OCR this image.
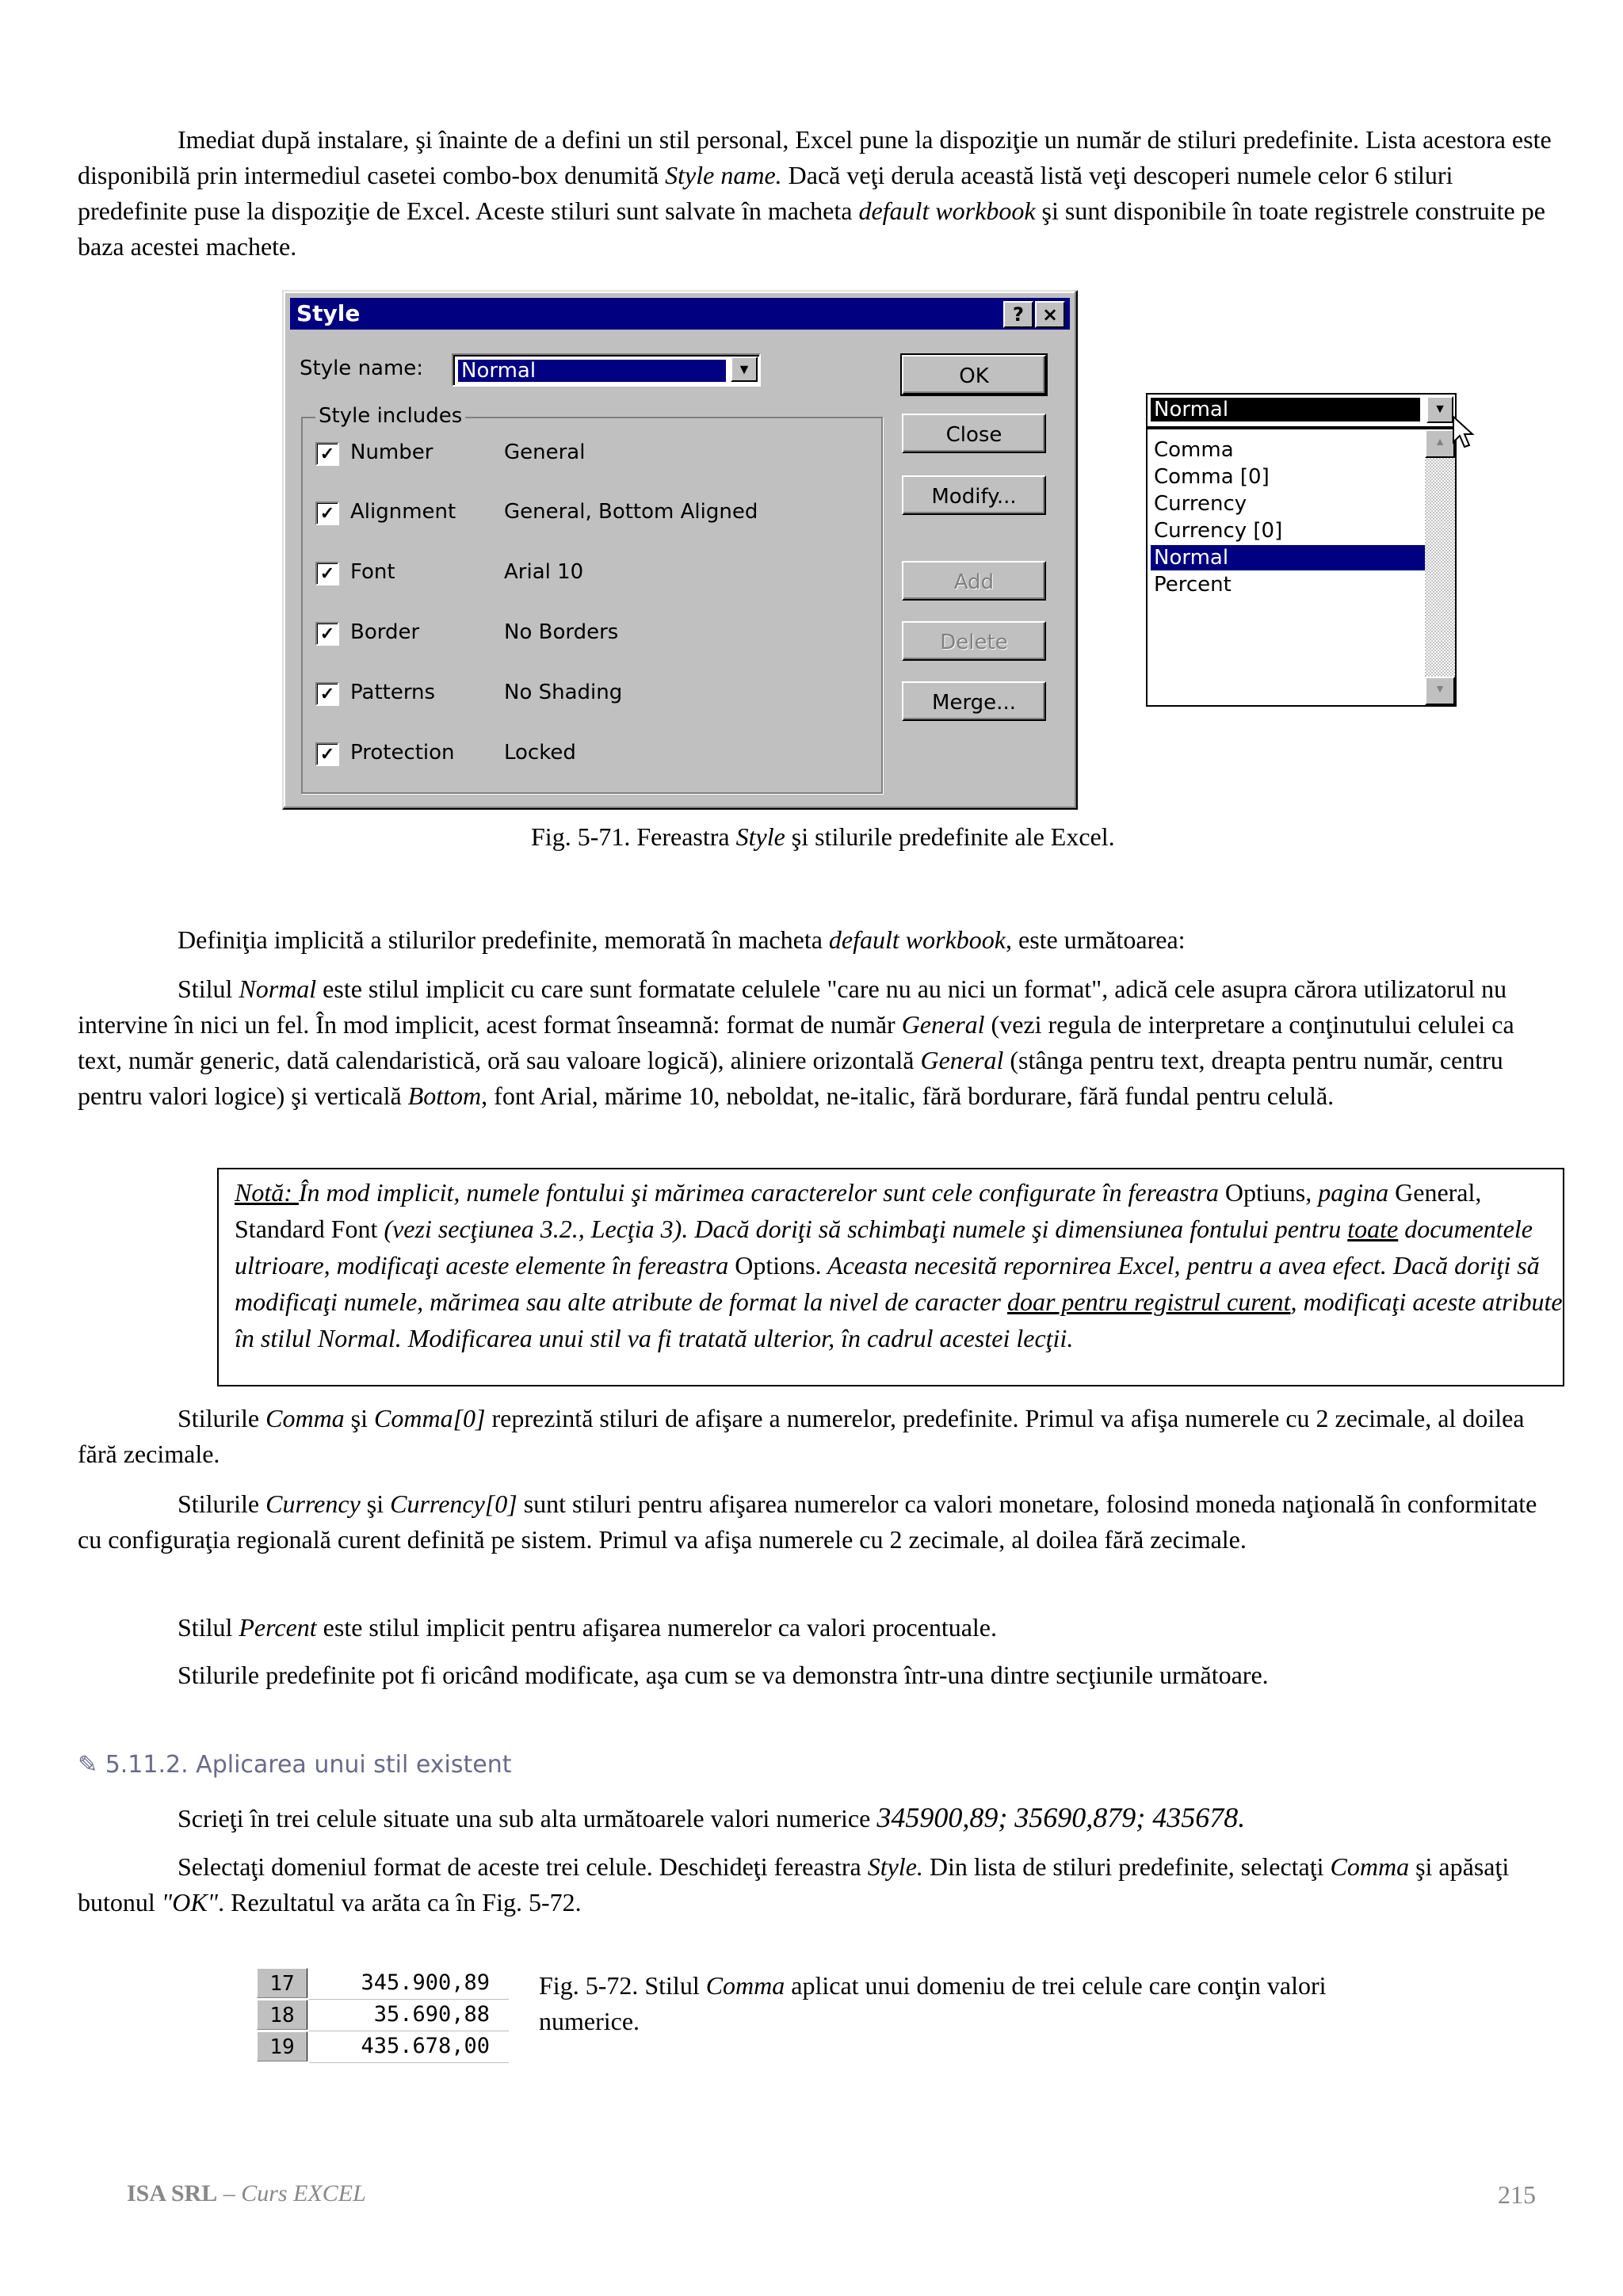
Imediat după instalare, şi înainte de a defini un stil personal, Excel pune la dispoziţie un număr de stiluri predefinite. Lista acestora este disponibilă prin intermediul casetei combo-box denumită Style name. Dacă veţi derula această listă veţi descoperi numele celor 6 stiluri predefinite puse la dispoziţie de Excel. Aceste stiluri sunt salvate în macheta default workbook şi sunt disponibile în toate registrele construite pe baza acestei machete.

Style	? ×
Style name: Normal	▼
Style includes
✓ Number	General
✓ Alignment General, Bottom Aligned
✓ Font	Arial 10
✓ Border	No Borders
✓ Patterns	No Shading
✓ Protection Locked
OK
Close
Modify...
Add
Delete
Merge...
Normal	▼
Comma
Comma [0]
Currency
Currency [0]
Normal
Percent
▲
▼

Fig. 5-71. Fereastra Style şi stilurile predefinite ale Excel.

Definiţia implicită a stilurilor predefinite, memorată în macheta default workbook, este următoarea:

Stilul Normal este stilul implicit cu care sunt formatate celulele "care nu au nici un format", adică cele asupra cărora utilizatorul nu intervine în nici un fel. În mod implicit, acest format înseamnă: format de număr General (vezi regula de interpretare a conţinutului celulei ca text, număr generic, dată calendaristică, oră sau valoare logică), aliniere orizontală General (stânga pentru text, dreapta pentru număr, centru pentru valori logice) şi verticală Bottom, font Arial, mărime 10, neboldat, ne-italic, fără bordurare, fără fundal pentru celulă.

Notă: În mod implicit, numele fontului şi mărimea caracterelor sunt cele configurate în fereastra Optiuns, pagina General, Standard Font (vezi secţiunea 3.2., Lecţia 3). Dacă doriţi să schimbaţi numele şi dimensiunea fontului pentru toate documentele ultrioare, modificaţi aceste elemente în fereastra Options. Aceasta necesită repornirea Excel, pentru a avea efect. Dacă doriţi să modificaţi numele, mărimea sau alte atribute de format la nivel de caracter doar pentru registrul curent, modificaţi aceste atribute în stilul Normal. Modificarea unui stil va fi tratată ulterior, în cadrul acestei lecţii.

Stilurile Comma şi Comma[0] reprezintă stiluri de afişare a numerelor, predefinite. Primul va afişa numerele cu 2 zecimale, al doilea fără zecimale.

Stilurile Currency şi Currency[0] sunt stiluri pentru afişarea numerelor ca valori monetare, folosind moneda naţională în conformitate cu configuraţia regională curent definită pe sistem. Primul va afişa numerele cu 2 zecimale, al doilea fără zecimale.

Stilul Percent este stilul implicit pentru afişarea numerelor ca valori procentuale.

Stilurile predefinite pot fi oricând modificate, aşa cum se va demonstra într-una dintre secţiunile următoare.

✎ 5.11.2. Aplicarea unui stil existent

Scrieţi în trei celule situate una sub alta următoarele valori numerice 345900,89; 35690,879; 435678.

Selectaţi domeniul format de aceste trei celule. Deschideţi fereastra Style. Din lista de stiluri predefinite, selectaţi Comma şi apăsaţi butonul "OK". Rezultatul va arăta ca în Fig. 5-72.

17	345.900,89
18	35.690,88
19	435.678,00

Fig. 5-72. Stilul Comma aplicat unui domeniu de trei celule care conţin valori numerice.

ISA SRL – Curs EXCEL	215
